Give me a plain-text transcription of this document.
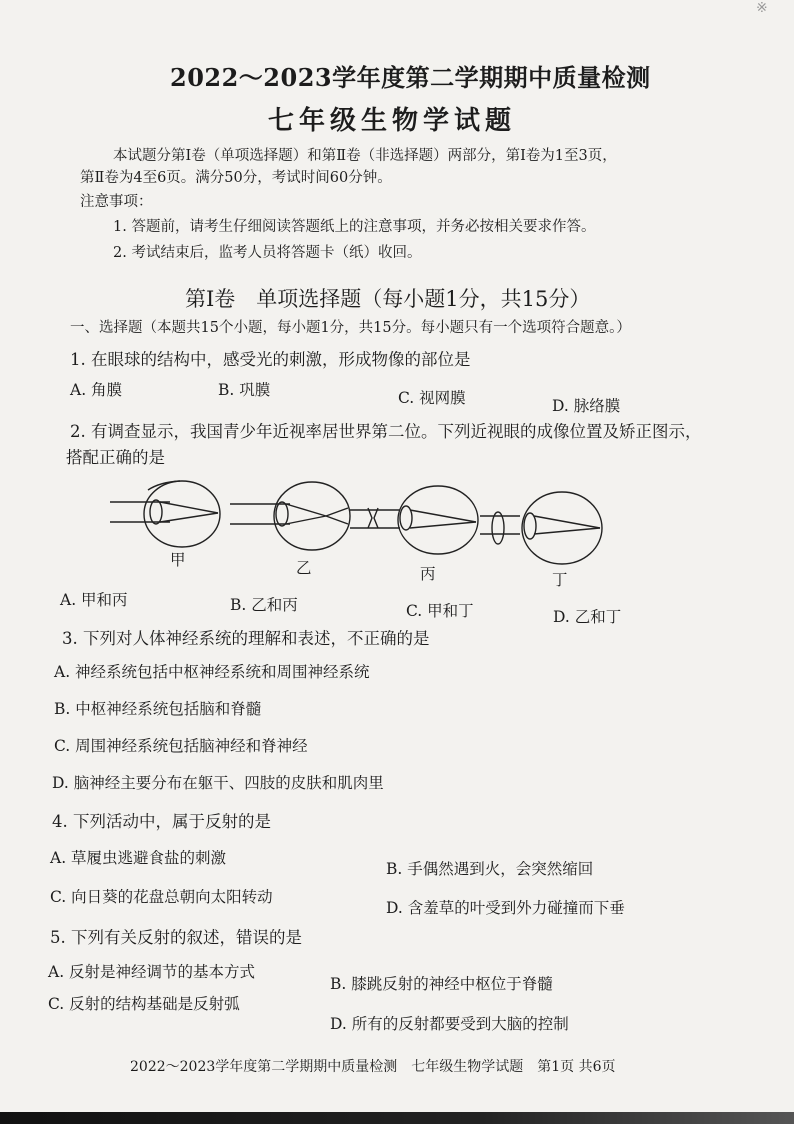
※
2022～2023学年度第二学期期中质量检测
七年级生物学试题
本试题分第Ⅰ卷（单项选择题）和第Ⅱ卷（非选择题）两部分，第Ⅰ卷为1至3页，
第Ⅱ卷为4至6页。满分50分，考试时间60分钟。
注意事项：
1. 答题前，请考生仔细阅读答题纸上的注意事项，并务必按相关要求作答。
2. 考试结束后，监考人员将答题卡（纸）收回。
第Ⅰ卷　单项选择题（每小题1分，共15分）
一、选择题（本题共15个小题，每小题1分，共15分。每小题只有一个选项符合题意。）
1. 在眼球的结构中，感受光的刺激，形成物像的部位是
A. 角膜	B. 巩膜	C. 视网膜	D. 脉络膜
2. 有调查显示，我国青少年近视率居世界第二位。下列近视眼的成像位置及矫正图示，
搭配正确的是
甲	乙	丙	丁
A. 甲和丙	B. 乙和丙	C. 甲和丁	D. 乙和丁
3. 下列对人体神经系统的理解和表述，不正确的是
A. 神经系统包括中枢神经系统和周围神经系统
B. 中枢神经系统包括脑和脊髓
C. 周围神经系统包括脑神经和脊神经
D. 脑神经主要分布在躯干、四肢的皮肤和肌肉里
4. 下列活动中，属于反射的是
A. 草履虫逃避食盐的刺激
B. 手偶然遇到火，会突然缩回
C. 向日葵的花盘总朝向太阳转动
D. 含羞草的叶受到外力碰撞而下垂
5. 下列有关反射的叙述，错误的是
A. 反射是神经调节的基本方式
B. 膝跳反射的神经中枢位于脊髓
C. 反射的结构基础是反射弧
D. 所有的反射都要受到大脑的控制
2022～2023学年度第二学期期中质量检测　七年级生物学试题　第1页 共6页
